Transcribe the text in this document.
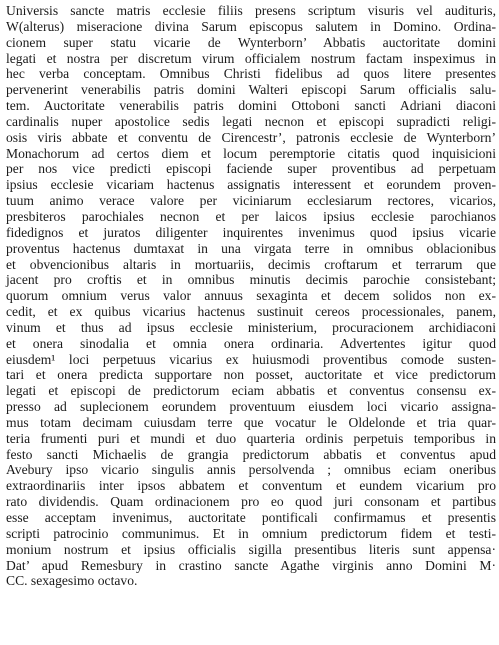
Universis sancte matris ecclesie filiis presens scriptum visuris vel audituris,
W(alterus) miseracione divina Sarum episcopus salutem in Domino. Ordina-
cionem super statu vicarie de Wynterborn’ Abbatis auctoritate domini
legati et nostra per discretum virum officialem nostrum factam inspeximus in
hec verba conceptam. Omnibus Christi fidelibus ad quos litere presentes
pervenerint venerabilis patris domini Walteri episcopi Sarum officialis salu-
tem. Auctoritate venerabilis patris domini Ottoboni sancti Adriani diaconi
cardinalis nuper apostolice sedis legati necnon et episcopi supradicti religi-
osis viris abbate et conventu de Cirencestr’, patronis ecclesie de Wynterborn’
Monachorum ad certos diem et locum peremptorie citatis quod inquisicioni
per nos vice predicti episcopi faciende super proventibus ad perpetuam
ipsius ecclesie vicariam hactenus assignatis interessent et eorundem proven-
tuum animo verace valore per viciniarum ecclesiarum rectores, vicarios,
presbiteros parochiales necnon et per laicos ipsius ecclesie parochianos
fidedignos et juratos diligenter inquirentes invenimus quod ipsius vicarie
proventus hactenus dumtaxat in una virgata terre in omnibus oblacionibus
et obvencionibus altaris in mortuariis, decimis croftarum et terrarum que
jacent pro croftis et in omnibus minutis decimis parochie consistebant;
quorum omnium verus valor annuus sexaginta et decem solidos non ex-
cedit, et ex quibus vicarius hactenus sustinuit cereos processionales, panem,
vinum et thus ad ipsus ecclesie ministerium, procuracionem archidiaconi
et onera sinodalia et omnia onera ordinaria. Advertentes igitur quod
eiusdem¹ loci perpetuus vicarius ex huiusmodi proventibus comode susten-
tari et onera predicta supportare non posset, auctoritate et vice predictorum
legati et episcopi de predictorum eciam abbatis et conventus consensu ex-
presso ad suplecionem eorundem proventuum eiusdem loci vicario assigna-
mus totam decimam cuiusdam terre que vocatur le Oldelonde et tria quar-
teria frumenti puri et mundi et duo quarteria ordinis perpetuis temporibus in
festo sancti Michaelis de grangia predictorum abbatis et conventus apud
Avebury ipso vicario singulis annis persolvenda ; omnibus eciam oneribus
extraordinariis inter ipsos abbatem et conventum et eundem vicarium pro
rato dividendis. Quam ordinacionem pro eo quod juri consonam et partibus
esse acceptam invenimus, auctoritate pontificali confirmamus et presentis
scripti patrocinio communimus. Et in omnium predictorum fidem et testi-
monium nostrum et ipsius officialis sigilla presentibus literis sunt appensa·
Dat’ apud Remesbury in crastino sancte Agathe virginis anno Domini M·
CC. sexagesimo octavo.
